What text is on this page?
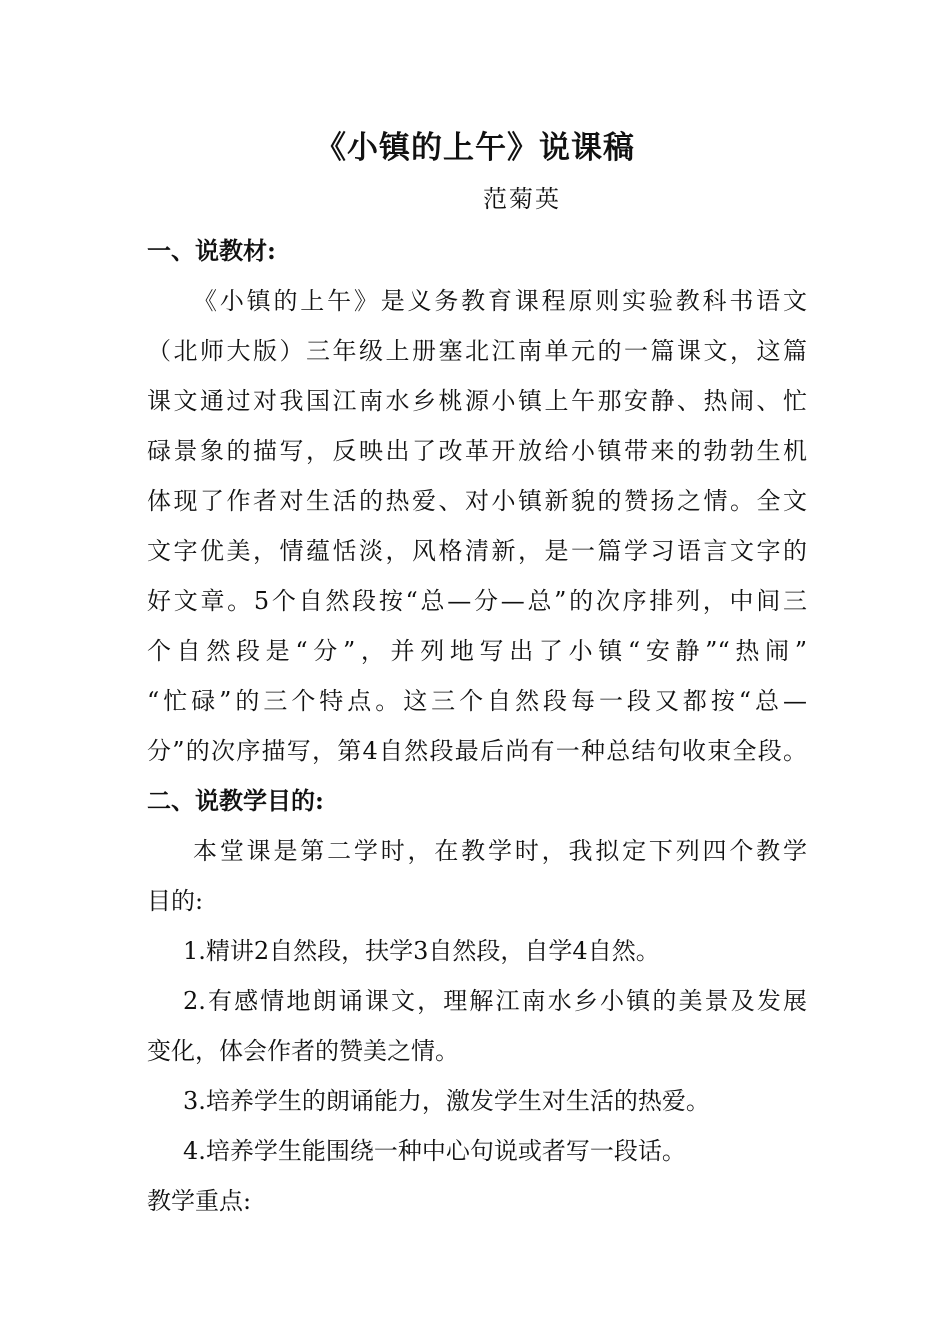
《小镇的上午》说课稿
范菊英
一、说教材:
《小镇的上午》是义务教育课程原则实验教科书语文
（北师大版）三年级上册塞北江南单元的一篇课文，这篇
课文通过对我国江南水乡桃源小镇上午那安静、热闹、忙
碌景象的描写，反映出了改革开放给小镇带来的勃勃生机
体现了作者对生活的热爱、对小镇新貌的赞扬之情。全文
文字优美，情蕴恬淡，风格清新，是一篇学习语言文字的
好文章。5个自然段按“总—分—总”的次序排列，中间三
个自然段是“分”，并列地写出了小镇“安静”“热闹”
“忙碌”的三个特点。这三个自然段每一段又都按“总—
分”的次序描写，第4自然段最后尚有一种总结句收束全段。
二、说教学目的:
本堂课是第二学时，在教学时，我拟定下列四个教学
目的:
1.精讲2自然段，扶学3自然段，自学4自然。
2.有感情地朗诵课文，理解江南水乡小镇的美景及发展
变化，体会作者的赞美之情。
3.培养学生的朗诵能力，激发学生对生活的热爱。
4.培养学生能围绕一种中心句说或者写一段话。
教学重点:
